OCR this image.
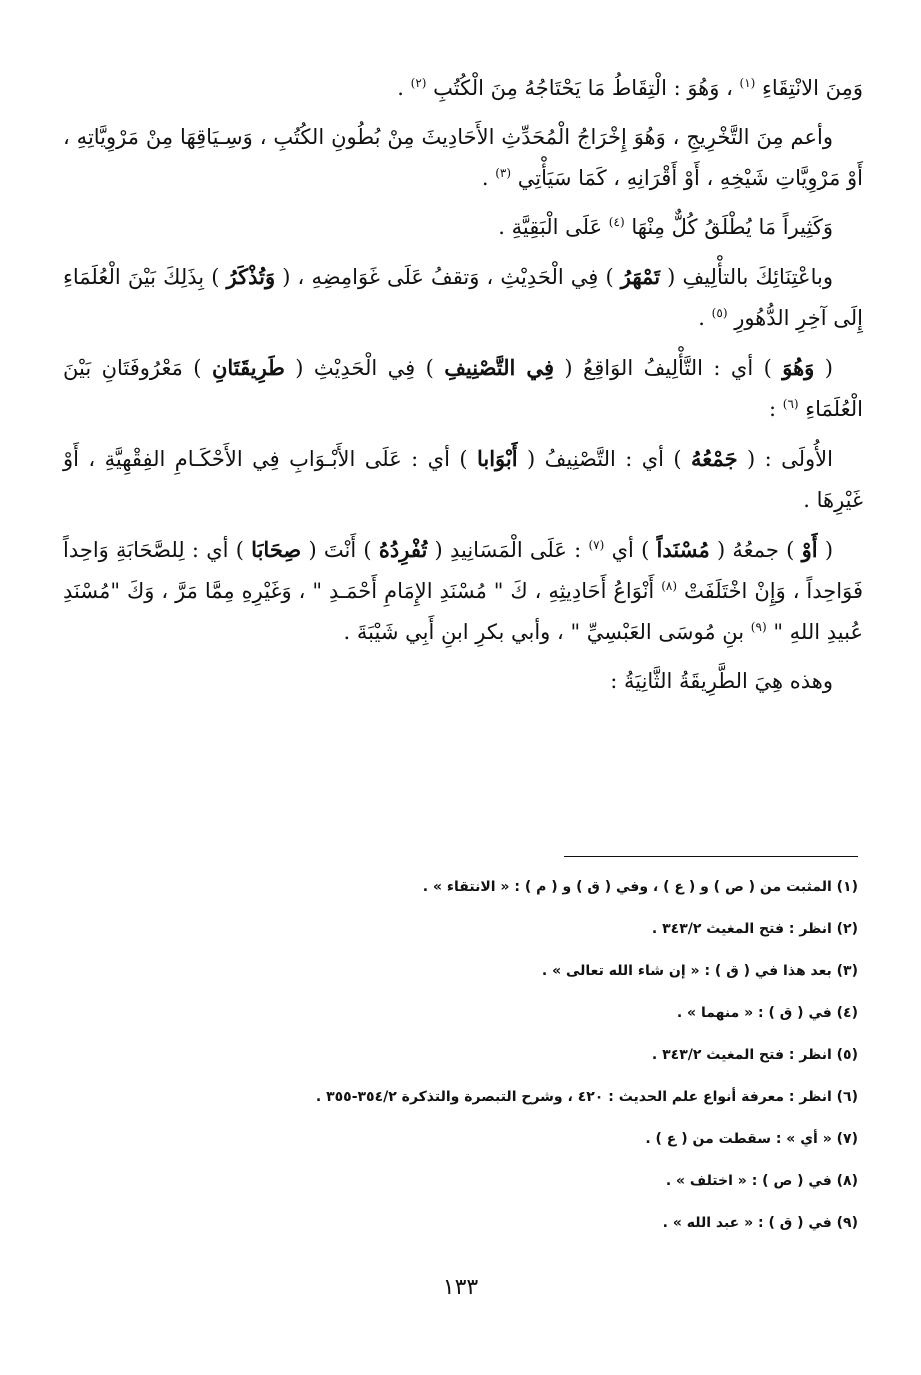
وَمِنَ الانْتِقَاءِ $^{(١)}$ ، وَهُوَ : الْتِقَاطُ مَا يَحْتَاجُهُ مِنَ الْكُتُبِ $^{(٢)}$ .

وأعم مِنَ التَّخْرِيجِ ، وَهُوَ إِخْرَاجُ الْمُحَدِّثِ الأَحَادِيثَ مِنْ بُطُونِ الكُتُبِ ، وَسِـيَاقِهَا مِنْ مَرْوِيَّاتِهِ ، أَوْ مَرْوِيَّاتِ شَيْخِهِ ، أَوْ أَقْرَانِهِ ، كَمَا سَيَأْتِي $^{(٣)}$ .

وَكَثِيراً مَا يُطْلَقُ كُلٌّ مِنْهَا $^{(٤)}$ عَلَى الْبَقِيَّةِ .

وباعْتِنَائِكَ بالتأْلِيفِ ( تَمْهَرُ ) فِي الْحَدِيْثِ ، وَتقفُ عَلَى غَوَامِضِهِ ، ( وَتُذْكَرُ ) بِذَلِكَ بَيْنَ الْعُلَمَاءِ إِلَى آخِرِ الدُّهُورِ $^{(٥)}$ .

( وَهُوَ ) أي : التَّأْلِيفُ الوَاقِعُ ( فِي التَّصْنِيفِ ) فِي الْحَدِيْثِ ( طَرِيقَتَانِ ) مَعْرُوفَتَانِ بَيْنَ الْعُلَمَاءِ $^{(٦)}$ :

الأُولَى : ( جَمْعُهُ ) أي : التَّصْنِيفُ ( أَبْوَابا ) أي : عَلَى الأَبْـوَابِ فِي الأَحْكَـامِ الفِقْهِيَّةِ ، أَوْ غَيْرِهَا .

( أَوْ ) جمعُهُ ( مُسْنَداً ) أي $^{(٧)}$ : عَلَى الْمَسَانِيدِ ( تُفْرِدُهُ ) أَنْتَ ( صِحَابَا ) أي : لِلصَّحَابَةِ وَاحِداً فَوَاحِداً ، وَإِنْ اخْتَلَفَتْ $^{(٨)}$ أَنْوَاعُ أَحَادِيثِهِ ، كَ " مُسْنَدِ الإِمَامِ أَحْمَـدِ " ، وَغَيْرِهِ مِمَّا مَرَّ ، وَكَ "مُسْنَدِ عُبيدِ اللهِ " $^{(٩)}$ بنِ مُوسَى العَبْسِيِّ " ، وأبي بكرِ ابنِ أَبِي شَيْبَةَ .

وهذه هِيَ الطَّرِيقَةُ الثَّانِيَةُ :

(١) المثبت من ( ص ) و ( ع ) ، وفي ( ق ) و ( م ) : « الانتقاء » .
(٢) انظر : فتح المغيث ٣٤٣/٢ .
(٣) بعد هذا في ( ق ) : « إن شاء الله تعالى » .
(٤) في ( ق ) : « منهما » .
(٥) انظر : فتح المغيث ٣٤٣/٢ .
(٦) انظر : معرفة أنواع علم الحديث : ٤٢٠ ، وشرح التبصرة والتذكرة ٣٥٤/٢-٣٥٥ .
(٧) « أي » : سقطت من ( ع ) .
(٨) في ( ص ) : « اختلف » .
(٩) في ( ق ) : « عبد الله » .
١٣٣
